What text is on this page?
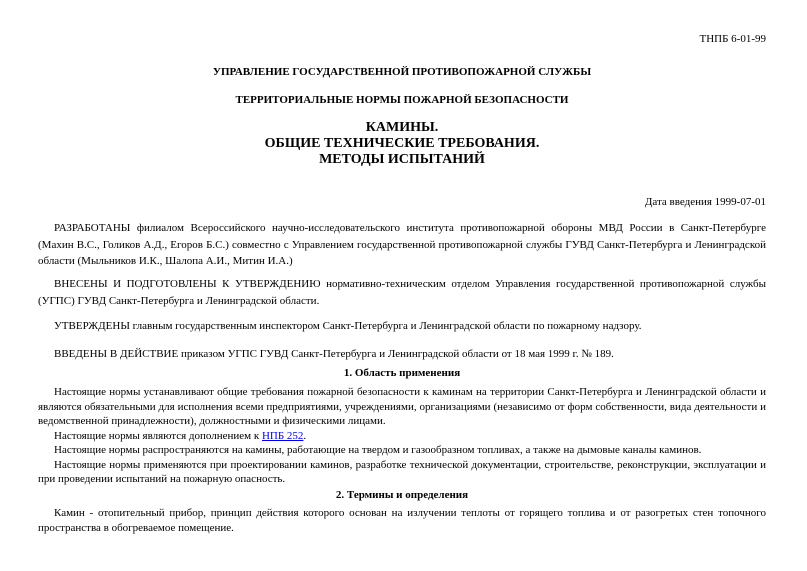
ТНПБ 6-01-99
УПРАВЛЕНИЕ ГОСУДАРСТВЕННОЙ ПРОТИВОПОЖАРНОЙ СЛУЖБЫ
ТЕРРИТОРИАЛЬНЫЕ НОРМЫ ПОЖАРНОЙ БЕЗОПАСНОСТИ
КАМИНЫ.
ОБЩИЕ ТЕХНИЧЕСКИЕ ТРЕБОВАНИЯ.
МЕТОДЫ ИСПЫТАНИЙ
Дата введения 1999-07-01
РАЗРАБОТАНЫ филиалом Всероссийского научно-исследовательского института противопожарной обороны МВД России в Санкт-Петербурге (Махин В.С., Голиков А.Д., Егоров Б.С.) совместно с Управлением государственной противопожарной службы ГУВД Санкт-Петербурга и Ленинградской области (Мыльников И.К., Шалопа А.И., Митин И.А.)
ВНЕСЕНЫ И ПОДГОТОВЛЕНЫ К УТВЕРЖДЕНИЮ нормативно-техническим отделом Управления государственной противопожарной службы (УГПС) ГУВД Санкт-Петербурга и Ленинградской области.
УТВЕРЖДЕНЫ главным государственным инспектором Санкт-Петербурга и Ленинградской области по пожарному надзору.
ВВЕДЕНЫ В ДЕЙСТВИЕ приказом УГПС ГУВД Санкт-Петербурга и Ленинградской области от 18 мая 1999 г. № 189.
1. Область применения

Настоящие нормы устанавливают общие требования пожарной безопасности к каминам на территории Санкт-Петербурга и Ленинградской области и являются обязательными для исполнения всеми предприятиями, учреждениями, организациями (независимо от форм собственности, вида деятельности и ведомственной принадлежности), должностными и физическими лицами.

Настоящие нормы являются дополнением к НПБ 252.

Настоящие нормы распространяются на камины, работающие на твердом и газообразном топливах, а также на дымовые каналы каминов.

Настоящие нормы применяются при проектировании каминов, разработке технической документации, строительстве, реконструкции, эксплуатации и при проведении испытаний на пожарную опасность.

2. Термины и определения

Камин - отопительный прибор, принцип действия которого основан на излучении теплоты от горящего топлива и от разогретых стен топочного пространства в обогреваемое помещение.
